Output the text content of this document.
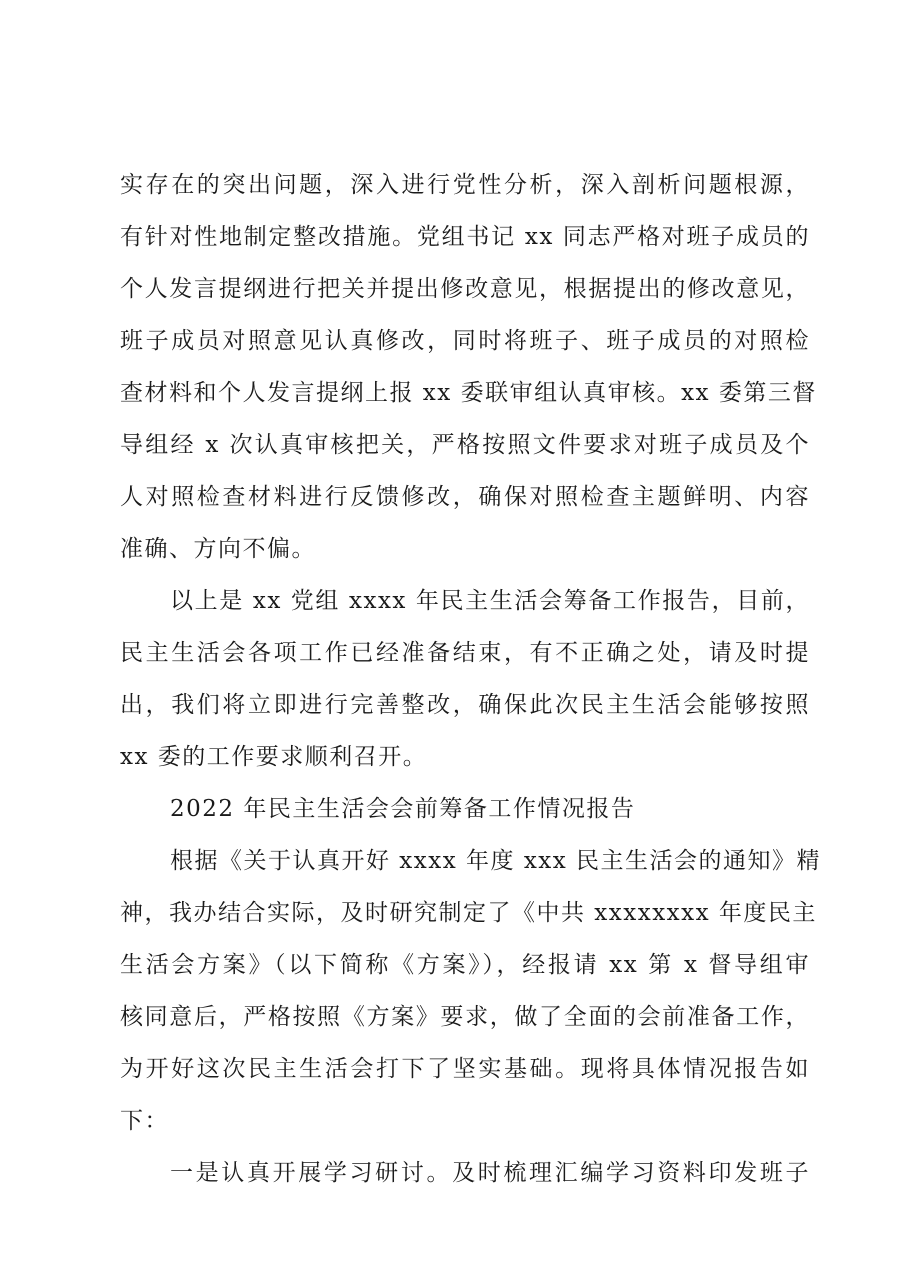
实存在的突出问题，深入进行党性分析，深入剖析问题根源，
有针对性地制定整改措施。党组书记 xx 同志严格对班子成员的
个人发言提纲进行把关并提出修改意见，根据提出的修改意见，
班子成员对照意见认真修改，同时将班子、班子成员的对照检
查材料和个人发言提纲上报 xx 委联审组认真审核。xx 委第三督
导组经 x 次认真审核把关，严格按照文件要求对班子成员及个
人对照检查材料进行反馈修改，确保对照检查主题鲜明、内容
准确、方向不偏。
以上是 xx 党组 xxxx 年民主生活会筹备工作报告，目前，
民主生活会各项工作已经准备结束，有不正确之处，请及时提
出，我们将立即进行完善整改，确保此次民主生活会能够按照
xx 委的工作要求顺利召开。
2022 年民主生活会会前筹备工作情况报告
根据《关于认真开好 xxxx 年度 xxx 民主生活会的通知》精
神，我办结合实际，及时研究制定了《中共 xxxxxxxx 年度民主
生活会方案》（以下简称《方案》），经报请 xx 第 x 督导组审
核同意后，严格按照《方案》要求，做了全面的会前准备工作，
为开好这次民主生活会打下了坚实基础。现将具体情况报告如
下：
一是认真开展学习研讨。及时梳理汇编学习资料印发班子
